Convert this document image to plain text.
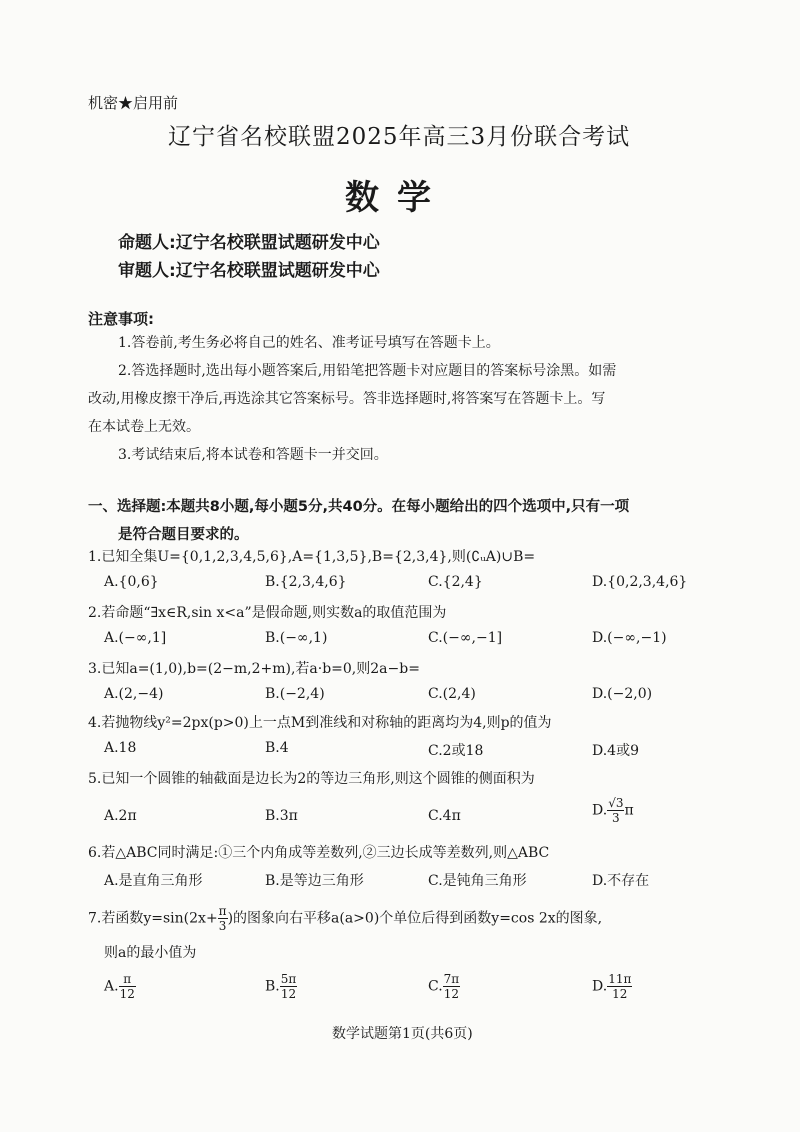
机密★启用前
辽宁省名校联盟2025年高三3月份联合考试
数学
命题人:辽宁名校联盟试题研发中心
审题人:辽宁名校联盟试题研发中心
注意事项:
1.答卷前,考生务必将自己的姓名、准考证号填写在答题卡上。
2.答选择题时,选出每小题答案后,用铅笔把答题卡对应题目的答案标号涂黑。如需
改动,用橡皮擦干净后,再选涂其它答案标号。答非选择题时,将答案写在答题卡上。写
在本试卷上无效。
3.考试结束后,将本试卷和答题卡一并交回。
一、选择题:本题共8小题,每小题5分,共40分。在每小题给出的四个选项中,只有一项
是符合题目要求的。
1.已知全集U={0,1,2,3,4,5,6},A={1,3,5},B={2,3,4},则(∁ᵤA)∪B=
A.{0,6}	B.{2,3,4,6}	C.{2,4}	D.{0,2,3,4,6}
2.若命题“∃x∈R,sin x<a”是假命题,则实数a的取值范围为
A.(−∞,1]	B.(−∞,1)	C.(−∞,−1]	D.(−∞,−1)
3.已知a=(1,0),b=(2−m,2+m),若a·b=0,则2a−b=
A.(2,−4)	B.(−2,4)	C.(2,4)	D.(−2,0)
4.若抛物线y²=2px(p>0)上一点M到准线和对称轴的距离均为4,则p的值为
A.18	B.4	C.2或18	D.4或9
5.已知一个圆锥的轴截面是边长为2的等边三角形,则这个圆锥的侧面积为
A.2π	B.3π	C.4π	D. $\frac{√3}{3}$ π
6.若△ABC同时满足:①三个内角成等差数列,②三边长成等差数列,则△ABC
A.是直角三角形	B.是等边三角形	C.是钝角三角形	D.不存在
7.若函数$y=\sin(2x+ \frac{\pi}{3}$ )的图象向右平移a(a>0)个单位后得到函数y=cos 2x的图象,
则a的最小值为
A. $\frac{\pi}{12}$	B. $\frac{5\pi}{12}$	C. $\frac{7\pi}{12}$	D. $\frac{11\pi}{12}$
数学试题第1页(共6页)
